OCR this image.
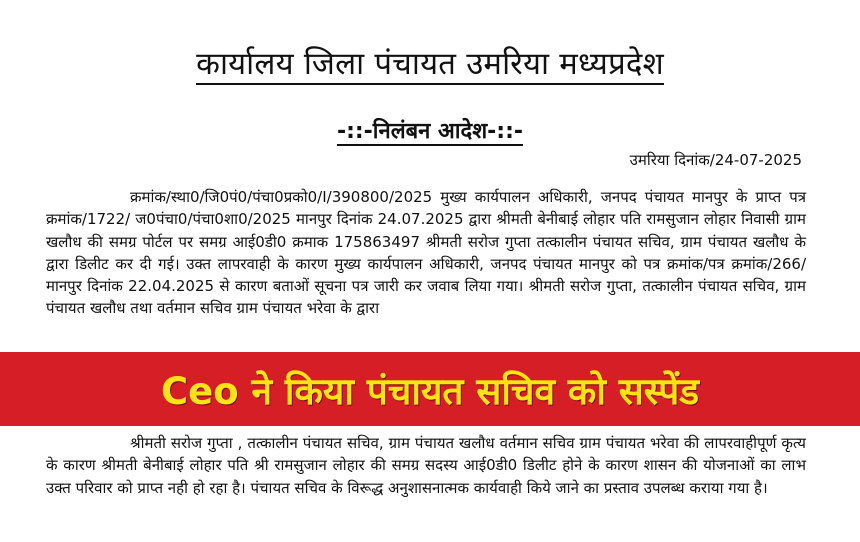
कार्यालय जिला पंचायत उमरिया मध्यप्रदेश
-::-निलंबन आदेश-::-
उमरिया दिनांक/24-07-2025
क्रमांक/स्था0/जि0पं0/पंचा0प्रको0/I/390800/2025 मुख्य कार्यपालन अधिकारी, जनपद पंचायत मानपुर के प्राप्त पत्र क्रमांक/1722/ ज0पंचा0/पंचा0शा0/2025 मानपुर दिनांक 24.07.2025 द्वारा श्रीमती बेनीबाई लोहार पति रामसुजान लोहार निवासी ग्राम खलौध की समग्र पोर्टल पर समग्र आई0डी0 क्रमाक 175863497 श्रीमती सरोज गुप्ता तत्कालीन पंचायत सचिव, ग्राम पंचायत खलौध के द्वारा डिलीट कर दी गई। उक्त लापरवाही के कारण मुख्य कार्यपालन अधिकारी, जनपद पंचायत मानपुर को पत्र क्रमांक/पत्र क्रमांक/266/मानपुर दिनांक 22.04.2025 से कारण बताओं सूचना पत्र जारी कर जवाब लिया गया। श्रीमती सरोज गुप्ता, तत्कालीन पंचायत सचिव, ग्राम पंचायत खलौध तथा वर्तमान सचिव ग्राम पंचायत भरेवा के द्वारा
श्रीमती सरोज गुप्ता , तत्कालीन पंचायत सचिव, ग्राम पंचायत खलौध वर्तमान सचिव ग्राम पंचायत भरेवा की लापरवाहीपूर्ण कृत्य के कारण श्रीमती बेनीबाई लोहार पति श्री रामसुजान लोहार की समग्र सदस्य आई0डी0 डिलीट होने के कारण शासन की योजनाओं का लाभ उक्त परिवार को प्राप्त नही हो रहा है। पंचायत सचिव के विरूद्ध अनुशासनात्मक कार्यवाही किये जाने का प्रस्ताव उपलब्ध कराया गया है।
Ceo ने किया पंचायत सचिव को सस्पेंड
